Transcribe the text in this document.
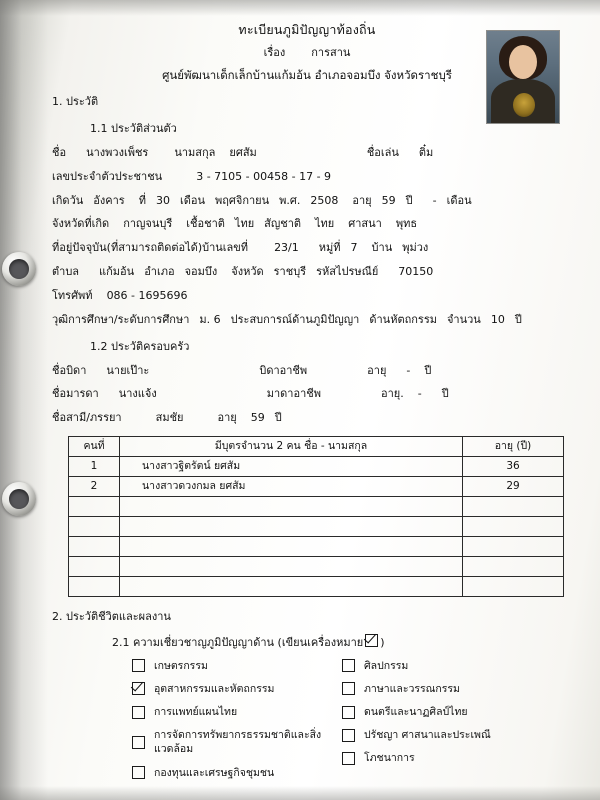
ทะเบียนภูมิปัญญาท้องถิ่น
เรื่อง การสาน
ศูนย์พัฒนาเด็กเล็กบ้านแก้มอ้น อำเภอจอมบึง จังหวัดราชบุรี
1. ประวัติ
1.1 ประวัติส่วนตัว
ชื่อ นางพวงเพ็ชร นามสกุล ยศสัม	ชื่อเล่น ติ๋ม
เลขประจำตัวประชาชน	3 - 7105 - 00458 - 17 - 9
เกิดวัน อังคาร ที่ 30 เดือน พฤศจิกายน พ.ศ. 2508 อายุ 59 ปี - เดือน
จังหวัดที่เกิด กาญจนบุรี เชื้อชาติ ไทย สัญชาติ ไทย ศาสนา พุทธ
ที่อยู่ปัจจุบัน(ที่สามารถติดต่อได้)บ้านเลขที่ 23/1 หมู่ที่ 7 บ้าน พุม่วง
ตำบล แก้มอ้น อำเภอ จอมบึง จังหวัด ราชบุรี รหัสไปรษณีย์ 70150
โทรศัพท์ 086 - 1695696
วุฒิการศึกษา/ระดับการศึกษา ม. 6 ประสบการณ์ด้านภูมิปัญญา ด้านหัตถกรรม จำนวน 10 ปี
1.2 ประวัติครอบครัว
ชื่อบิดา นายเป๊าะ	บิดาอาชีพ	อายุ - ปี
ชื่อมารดา นางแจ้ง	มาดาอาชีพ	อายุ. - ปี
ชื่อสามี/ภรรยา	สมชัย	อายุ 59 ปี
คนที่	มีบุตรจำนวน 2 คน ชื่อ - นามสกุล	อายุ (ปี)
1	นางสาวฐิตรัตน์ ยศสัม	36
2	นางสาวดวงกมล ยศสัม	29

2. ประวัติชีวิตและผลงาน
2.1 ความเชี่ยวชาญภูมิปัญญาด้าน (เขียนเครื่องหมาย )
เกษตรกรรม
อุตสาหกรรมและหัตถกรรม
การแพทย์แผนไทย
การจัดการทรัพยากรธรรมชาติและสิ่งแวดล้อม
กองทุนและเศรษฐกิจชุมชน
ศิลปกรรม
ภาษาและวรรณกรรม
ดนตรีและนาฏศิลป์ไทย
ปรัชญา ศาสนาและประเพณี
โภชนาการ
